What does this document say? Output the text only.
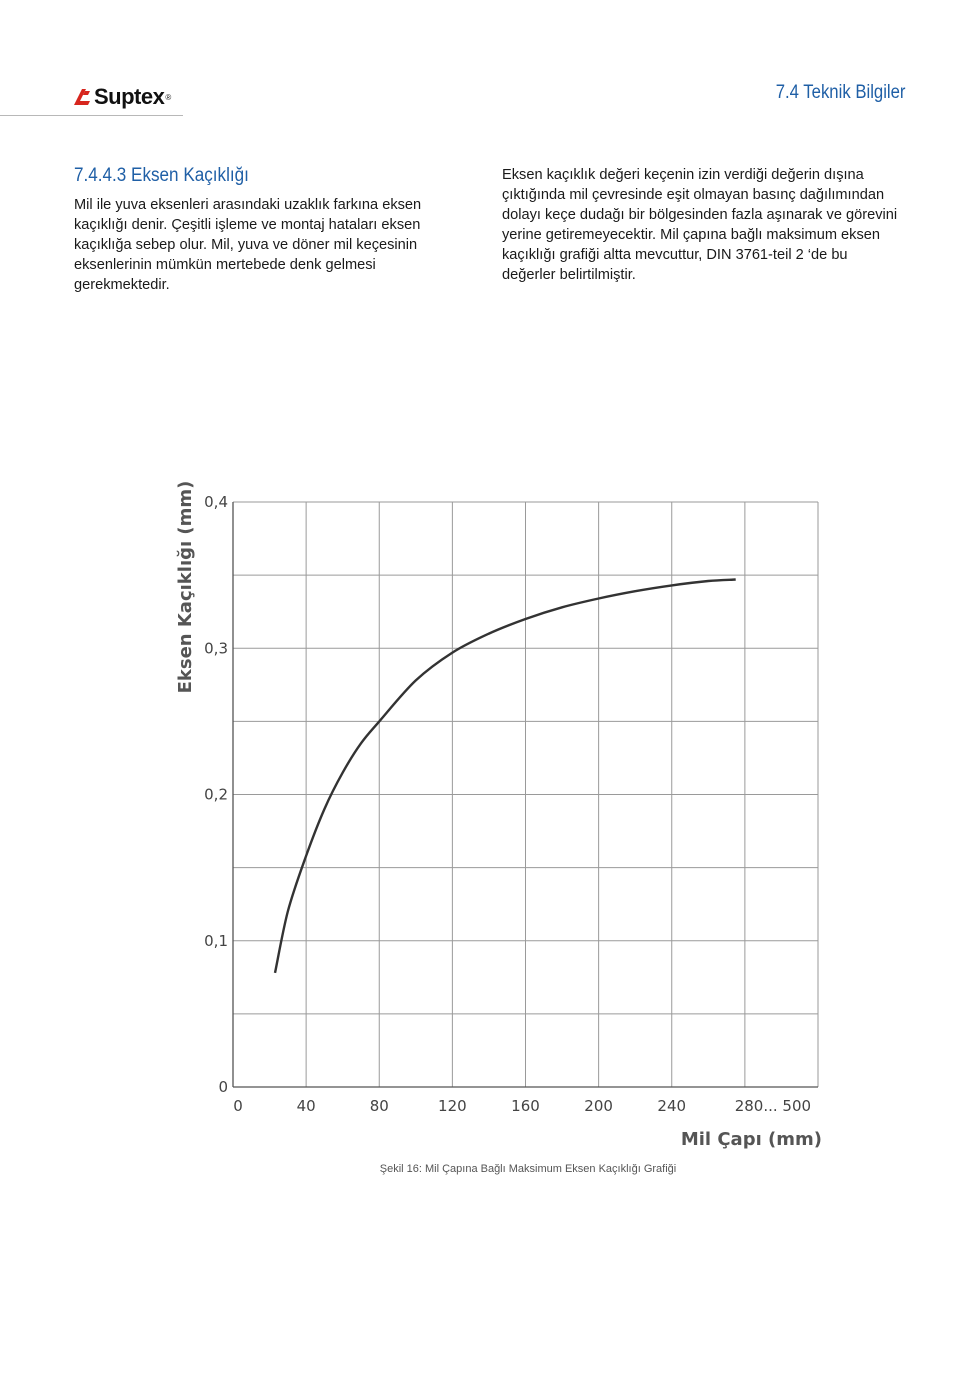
Suptex ®	7.4 Teknik Bilgiler
7.4.4.3 Eksen Kaçıklığı

Mil ile yuva eksenleri arasındaki uzaklık farkına eksen kaçıklığı denir. Çeşitli işleme ve montaj hataları eksen kaçıklığa sebep olur. Mil, yuva ve döner mil keçesinin eksenlerinin mümkün mertebede denk gelmesi gerekmektedir.

Eksen kaçıklık değeri keçenin izin verdiği değerin dışına çıktığında mil çevresinde eşit olmayan basınç dağılımından dolayı keçe dudağı bir bölgesinden fazla aşınarak ve görevini yerine getiremeyecektir. Mil çapına bağlı maksimum eksen kaçıklığı grafiği altta mevcuttur, DIN 3761-teil 2 ‘de bu değerler belirtilmiştir.

0	40	80	120	160	200	240	280... 500
0
0,1
0,2
0,3
0,4
Mil Çapı (mm)
Eksen Kaçıklığı (mm)
Şekil 16: Mil Çapına Bağlı Maksimum Eksen Kaçıklığı Grafiği
